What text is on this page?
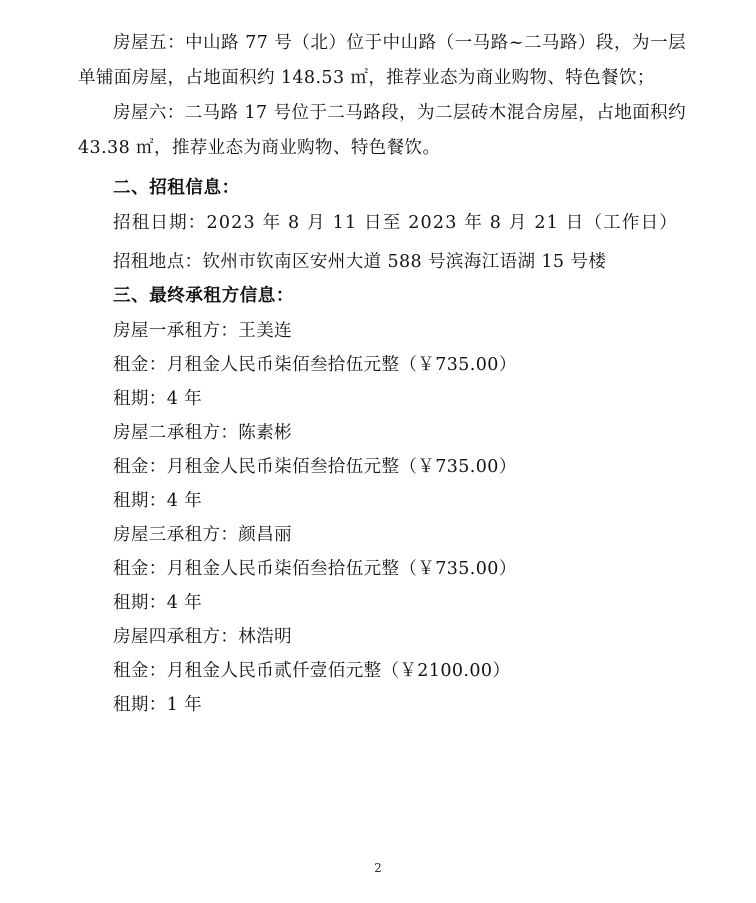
房屋五：中山路 77 号（北）位于中山路（一马路~二马路）段，为一层单铺面房屋，占地面积约 148.53 ㎡，推荐业态为商业购物、特色餐饮；

房屋六：二马路 17 号位于二马路段，为二层砖木混合房屋，占地面积约 43.38 ㎡，推荐业态为商业购物、特色餐饮。

二、招租信息：

招租日期：2023 年 8 月 11 日至 2023 年 8 月 21 日（工作日）

招租地点：钦州市钦南区安州大道 588 号滨海江语湖 15 号楼

三、最终承租方信息：

房屋一承租方：王美连

租金：月租金人民币柒佰叁拾伍元整（￥735.00）

租期：4 年

房屋二承租方：陈素彬

租金：月租金人民币柒佰叁拾伍元整（￥735.00）

租期：4 年

房屋三承租方：颜昌丽

租金：月租金人民币柒佰叁拾伍元整（￥735.00）

租期：4 年

房屋四承租方：林浩明

租金：月租金人民币贰仟壹佰元整（￥2100.00）

租期：1 年

2
